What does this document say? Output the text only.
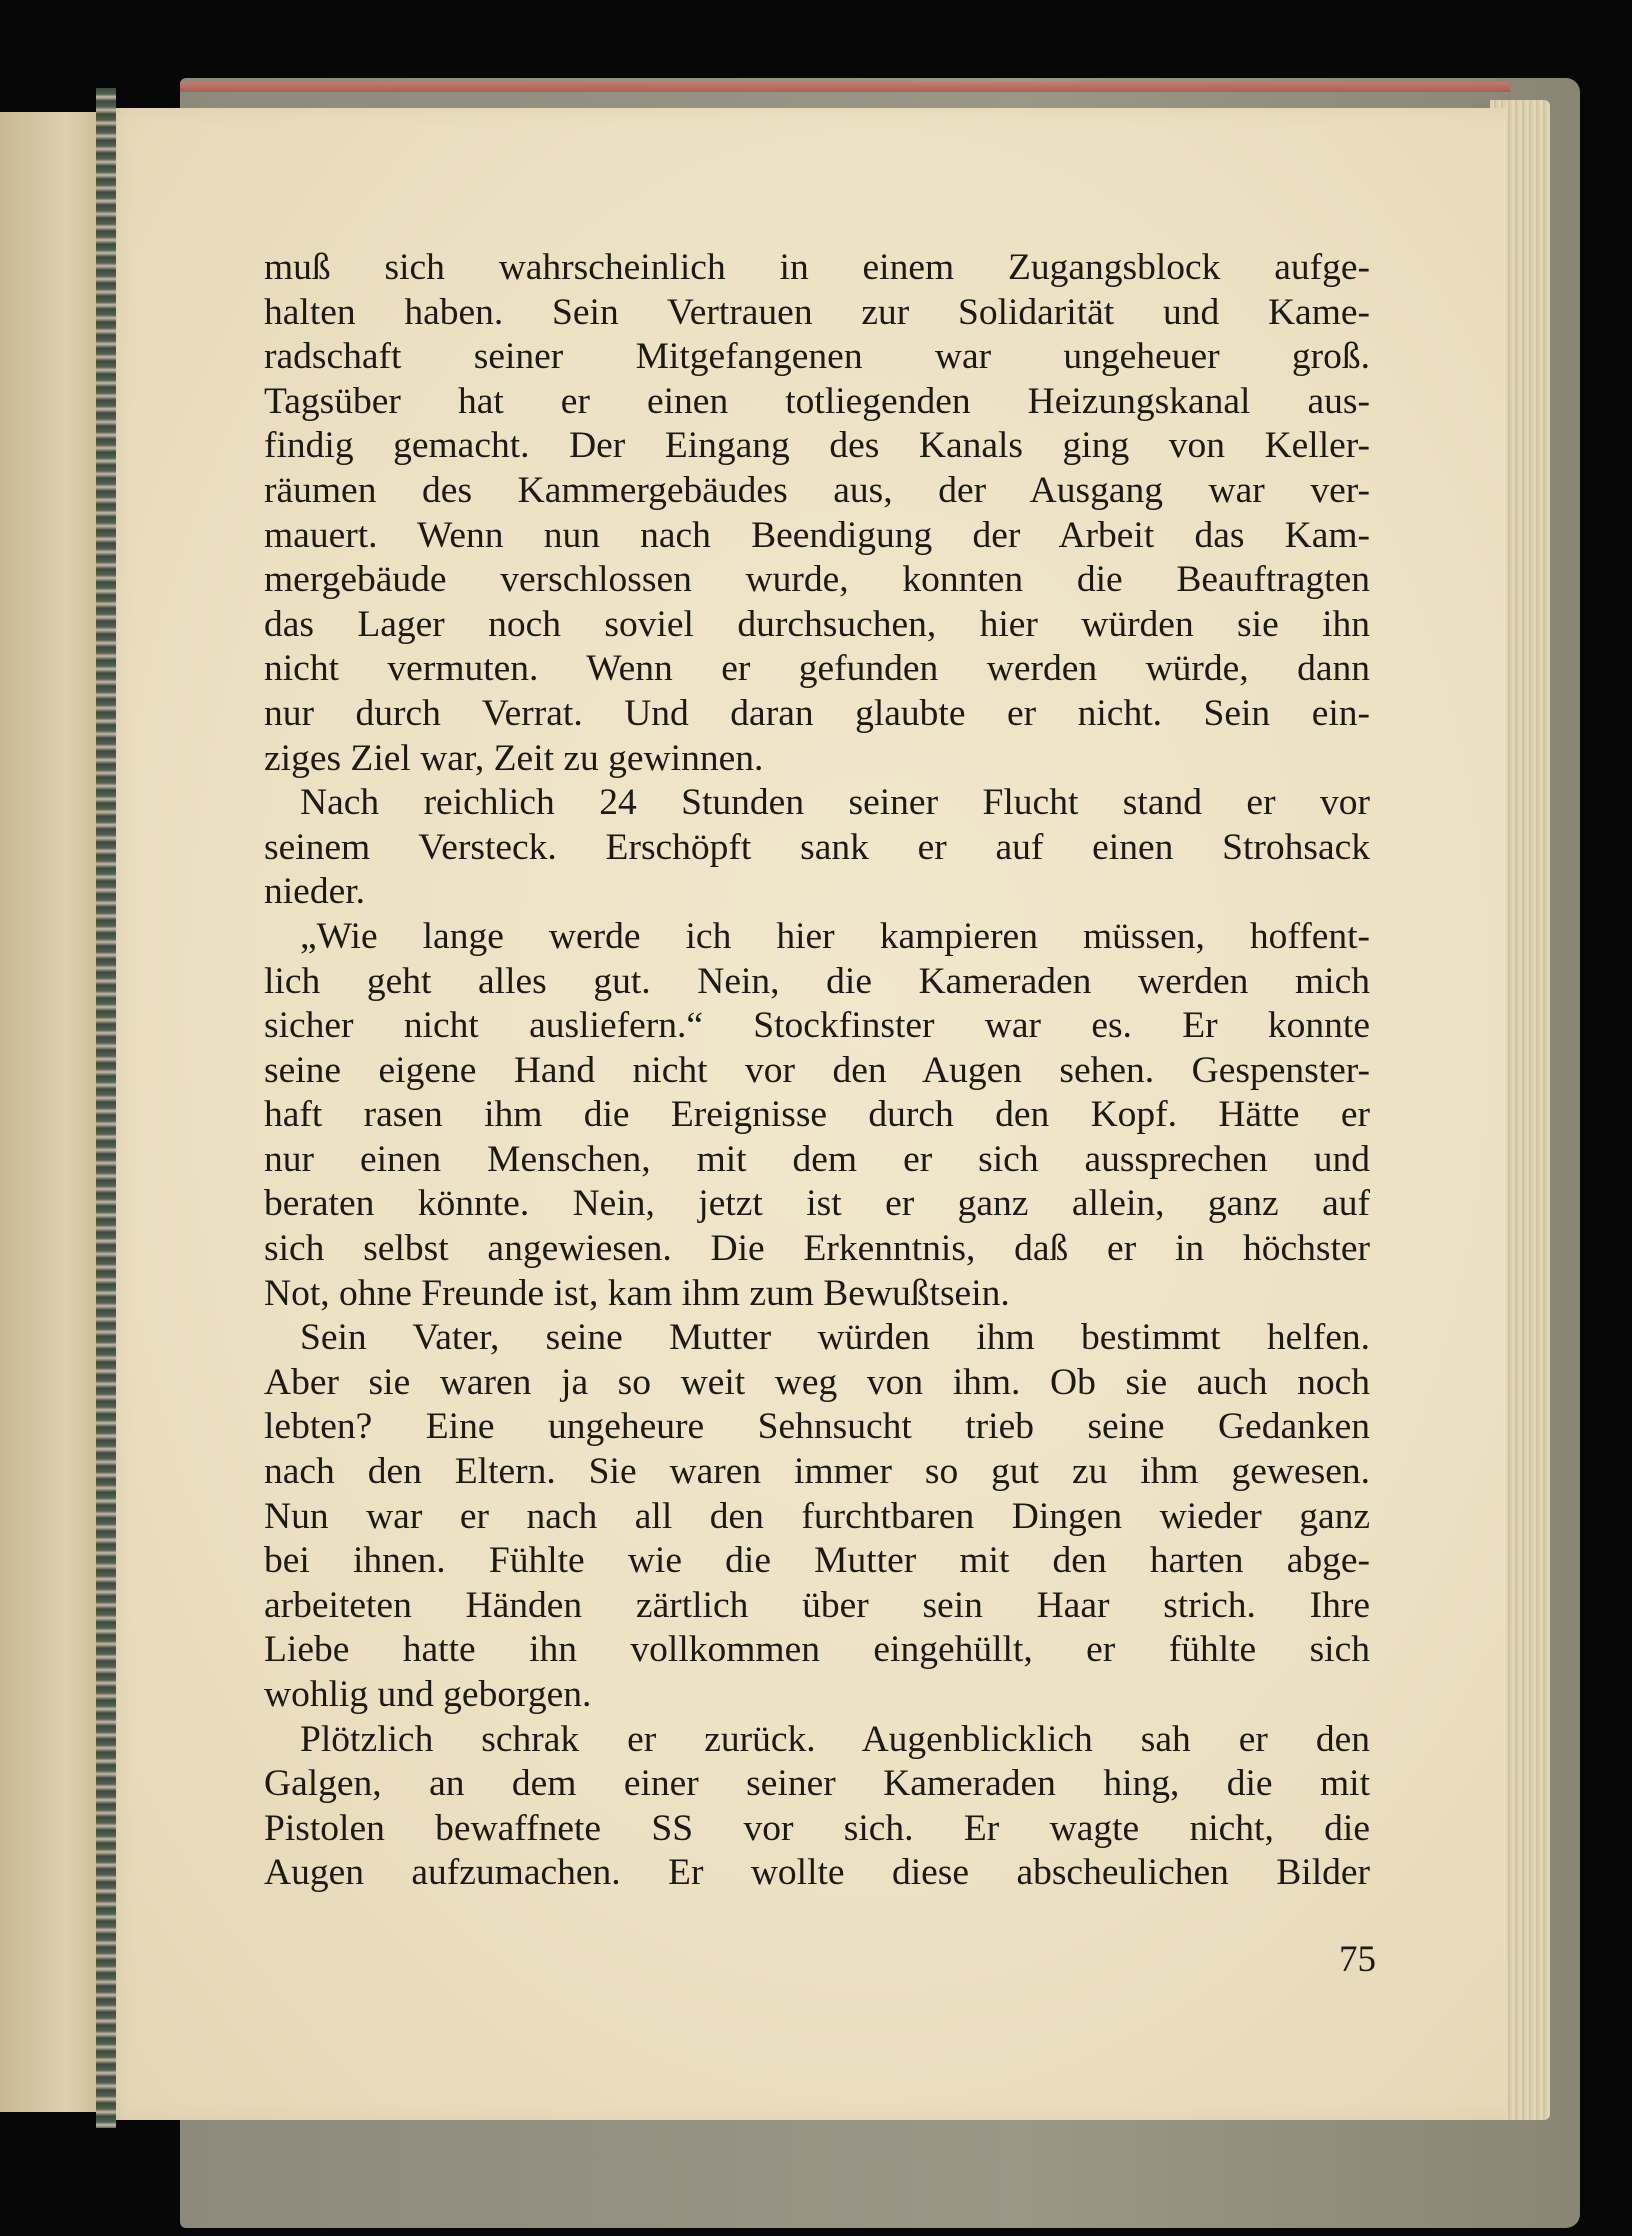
muß sich wahrscheinlich in einem Zugangsblock aufge-
halten haben. Sein Vertrauen zur Solidarität und Kame-
radschaft seiner Mitgefangenen war ungeheuer groß.
Tagsüber hat er einen totliegenden Heizungskanal aus-
findig gemacht. Der Eingang des Kanals ging von Keller-
räumen des Kammergebäudes aus, der Ausgang war ver-
mauert. Wenn nun nach Beendigung der Arbeit das Kam-
mergebäude verschlossen wurde, konnten die Beauftragten
das Lager noch soviel durchsuchen, hier würden sie ihn
nicht vermuten. Wenn er gefunden werden würde, dann
nur durch Verrat. Und daran glaubte er nicht. Sein ein-
ziges Ziel war, Zeit zu gewinnen.
Nach reichlich 24 Stunden seiner Flucht stand er vor
seinem Versteck. Erschöpft sank er auf einen Strohsack
nieder.
„Wie lange werde ich hier kampieren müssen, hoffent-
lich geht alles gut. Nein, die Kameraden werden mich
sicher nicht ausliefern.“ Stockfinster war es. Er konnte
seine eigene Hand nicht vor den Augen sehen. Gespenster-
haft rasen ihm die Ereignisse durch den Kopf. Hätte er
nur einen Menschen, mit dem er sich aussprechen und
beraten könnte. Nein, jetzt ist er ganz allein, ganz auf
sich selbst angewiesen. Die Erkenntnis, daß er in höchster
Not, ohne Freunde ist, kam ihm zum Bewußtsein.
Sein Vater, seine Mutter würden ihm bestimmt helfen.
Aber sie waren ja so weit weg von ihm. Ob sie auch noch
lebten? Eine ungeheure Sehnsucht trieb seine Gedanken
nach den Eltern. Sie waren immer so gut zu ihm gewesen.
Nun war er nach all den furchtbaren Dingen wieder ganz
bei ihnen. Fühlte wie die Mutter mit den harten abge-
arbeiteten Händen zärtlich über sein Haar strich. Ihre
Liebe hatte ihn vollkommen eingehüllt, er fühlte sich
wohlig und geborgen.
Plötzlich schrak er zurück. Augenblicklich sah er den
Galgen, an dem einer seiner Kameraden hing, die mit
Pistolen bewaffnete SS vor sich. Er wagte nicht, die
Augen aufzumachen. Er wollte diese abscheulichen Bilder
75
